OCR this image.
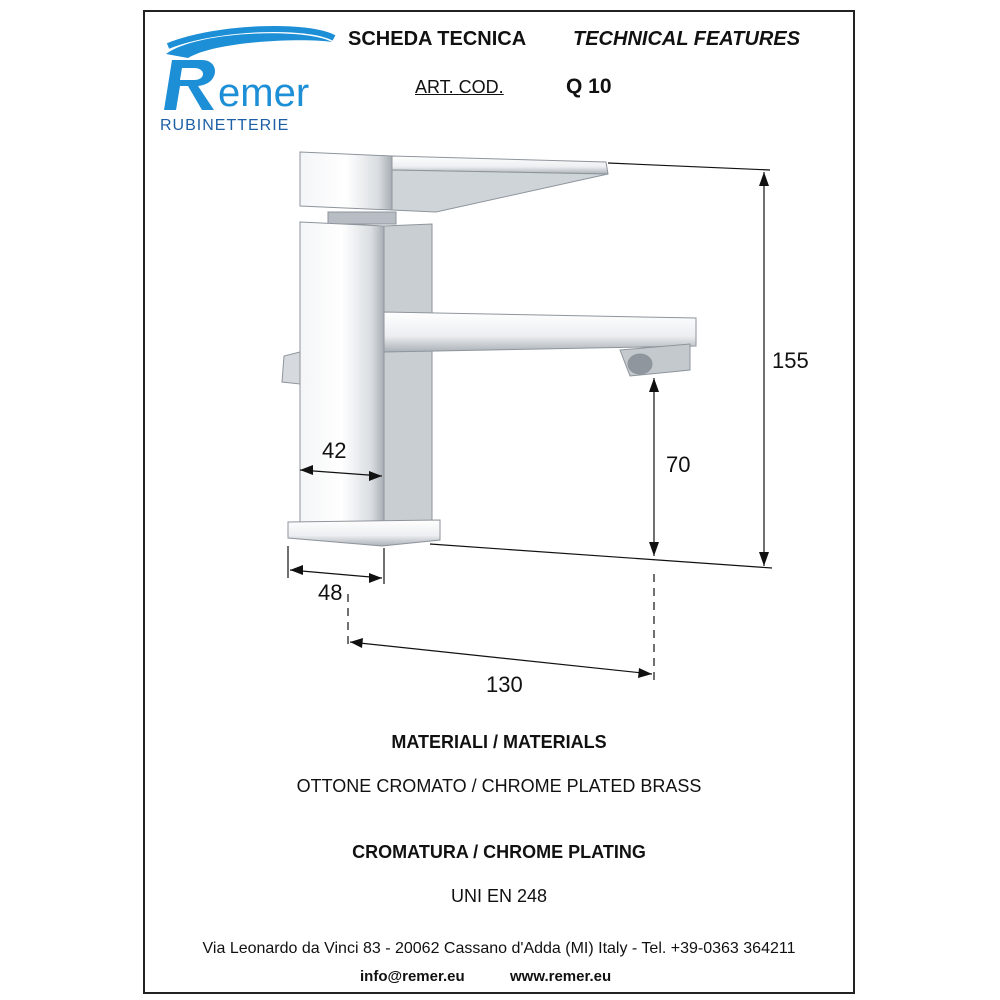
emer
RUBINETTERIE
SCHEDA TECNICA TECHNICAL FEATURES
ART. COD.	Q 10
155
70
42
48
130
MATERIALI / MATERIALS
OTTONE CROMATO / CHROME PLATED BRASS
CROMATURA / CHROME PLATING
UNI EN 248
Via Leonardo da Vinci 83 - 20062 Cassano d'Adda (MI) Italy - Tel. +39-0363 364211
info@remer.eu	www.remer.eu
